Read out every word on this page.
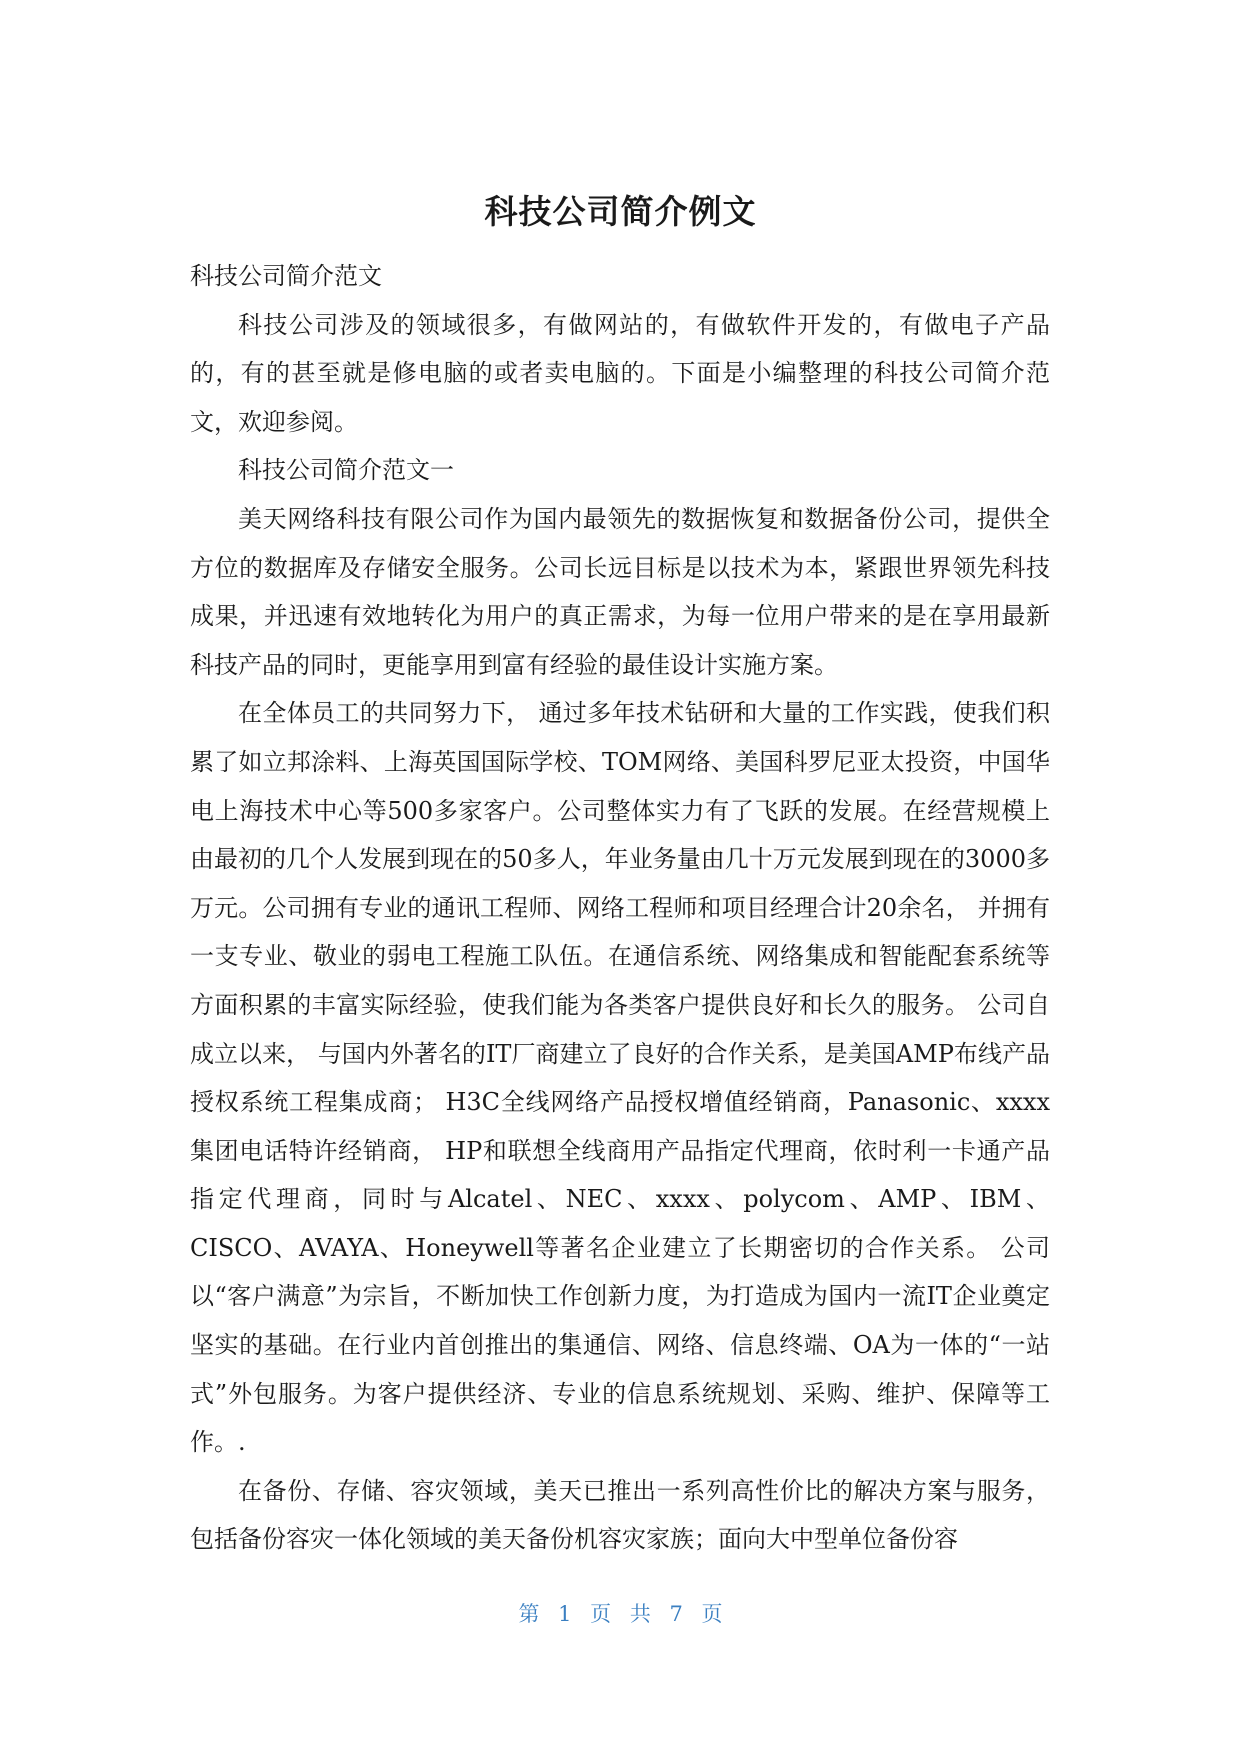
科技公司简介例文

科技公司简介范文

科技公司涉及的领域很多，有做网站的，有做软件开发的，有做电子产品的，有的甚至就是修电脑的或者卖电脑的。下面是小编整理的科技公司简介范文，欢迎参阅。

科技公司简介范文一

美天网络科技有限公司作为国内最领先的数据恢复和数据备份公司，提供全方位的数据库及存储安全服务。公司长远目标是以技术为本，紧跟世界领先科技成果，并迅速有效地转化为用户的真正需求，为每一位用户带来的是在享用最新科技产品的同时，更能享用到富有经验的最佳设计实施方案。

在全体员工的共同努力下， 通过多年技术钻研和大量的工作实践，使我们积累了如立邦涂料、上海英国国际学校、TOM网络、美国科罗尼亚太投资，中国华电上海技术中心等500多家客户。公司整体实力有了飞跃的发展。在经营规模上由最初的几个人发展到现在的50多人，年业务量由几十万元发展到现在的3000多万元。公司拥有专业的通讯工程师、网络工程师和项目经理合计20余名， 并拥有一支专业、敬业的弱电工程施工队伍。在通信系统、网络集成和智能配套系统等方面积累的丰富实际经验，使我们能为各类客户提供良好和长久的服务。 公司自成立以来， 与国内外著名的IT厂商建立了良好的合作关系，是美国AMP布线产品授权系统工程集成商； H3C全线网络产品授权增值经销商，Panasonic、xxxx集团电话特许经销商， HP和联想全线商用产品指定代理商，依时利一卡通产品指定代理商，同时与Alcatel、NEC、xxxx、polycom、AMP、IBM、CISCO、AVAYA、Honeywell等著名企业建立了长期密切的合作关系。 公司以“客户满意”为宗旨，不断加快工作创新力度，为打造成为国内一流IT企业奠定坚实的基础。在行业内首创推出的集通信、网络、信息终端、OA为一体的“一站式”外包服务。为客户提供经济、专业的信息系统规划、采购、维护、保障等工作。.

在备份、存储、容灾领域，美天已推出一系列高性价比的解决方案与服务，包括备份容灾一体化领域的美天备份机容灾家族；面向大中型单位备份容

第 1 页 共 7 页
